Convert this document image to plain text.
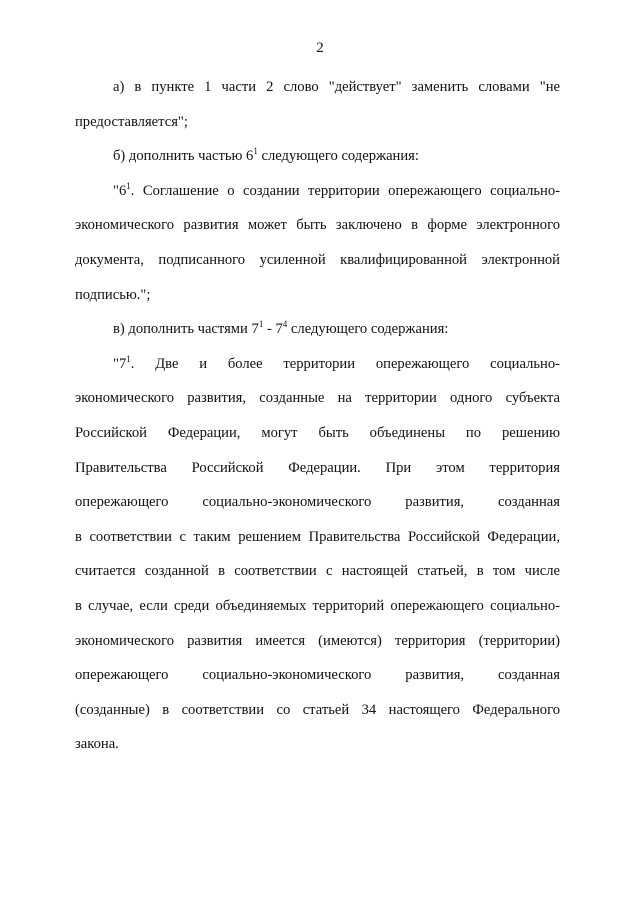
2

а) в пункте 1 части 2 слово "действует" заменить словами "не

предоставляется";

б) дополнить частью $6^1$ следующего содержания:

"$6^1$. Соглашение о создании территории опережающего социально-

экономического развития может быть заключено в форме электронного

документа, подписанного усиленной квалифицированной электронной

подписью.";

в) дополнить частями $7^1 - 7^4$ следующего содержания:

"$7^1$. Две и более территории опережающего социально-

экономического развития, созданные на территории одного субъекта

Российской Федерации, могут быть объединены по решению

Правительства Российской Федерации. При этом территория

опережающего социально-экономического развития, созданная

в соответствии с таким решением Правительства Российской Федерации,

считается созданной в соответствии с настоящей статьей, в том числе

в случае, если среди объединяемых территорий опережающего социально-

экономического развития имеется (имеются) территория (территории)

опережающего социально-экономического развития, созданная

(созданные) в соответствии со статьей 34 настоящего Федерального

закона.
